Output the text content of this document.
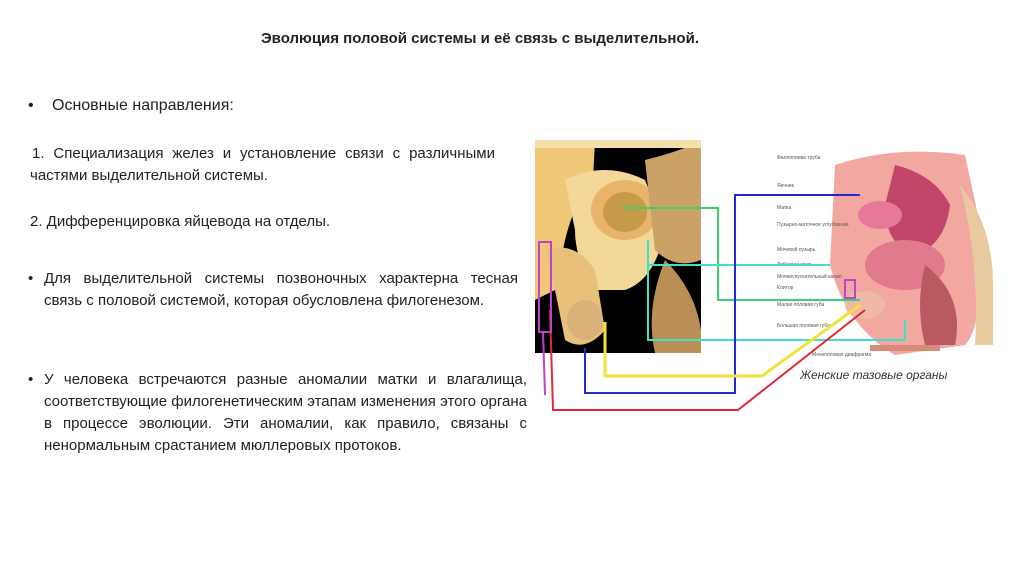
Эволюция половой системы и её связь с выделительной.
• Основные направления:
1. Специализация желез и установление связи с различными частями выделительной системы.
2. Дифференцировка яйцевода на отделы.
• Для выделительной системы позвоночных характерна тесная связь с половой системой, которая обусловлена филогенезом.
• У человека встречаются разные аномалии матки и влагалища, соответствующие филогенетическим этапам изменения этого органа в процессе эволюции. Эти аномалии, как правило, связаны с ненормальным срастанием мюллеровых протоков.
Фаллопиева труба
Яичник
Матка
Пузырно-маточное углубление
Мочевой пузырь
Лобковая кость
Мочеиспускательный канал
Клитор
Малая половая губа
Большая половая губа
Мочеполовая диафрагма
Женские тазовые органы
